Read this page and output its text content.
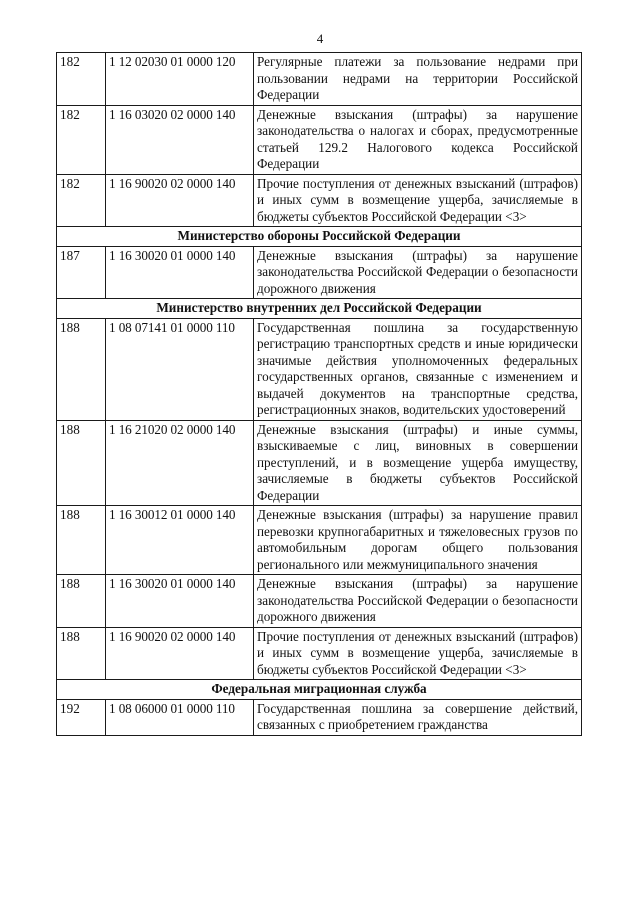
4
182	1 12 02030 01 0000 120	Регулярные платежи за пользование недрами при пользовании недрами на территории Российской Федерации
182	1 16 03020 02 0000 140	Денежные взыскания (штрафы) за нарушение законодательства о налогах и сборах, предусмотренные статьей 129.2 Налогового кодекса Российской Федерации
182	1 16 90020 02 0000 140	Прочие поступления от денежных взысканий (штрафов) и иных сумм в возмещение ущерба, зачисляемые в бюджеты субъектов Российской Федерации <3>
Министерство обороны Российской Федерации		
187	1 16 30020 01 0000 140	Денежные взыскания (штрафы) за нарушение законодательства Российской Федерации о безопасности дорожного движения
Министерство внутренних дел Российской Федерации		
188	1 08 07141 01 0000 110	Государственная пошлина за государственную регистрацию транспортных средств и иные юридически значимые действия уполномоченных федеральных государственных органов, связанные с изменением и выдачей документов на транспортные средства, регистрационных знаков, водительских удостоверений
188	1 16 21020 02 0000 140	Денежные взыскания (штрафы) и иные суммы, взыскиваемые с лиц, виновных в совершении преступлений, и в возмещение ущерба имуществу, зачисляемые в бюджеты субъектов Российской Федерации
188	1 16 30012 01 0000 140	Денежные взыскания (штрафы) за нарушение правил перевозки крупногабаритных и тяжеловесных грузов по автомобильным дорогам общего пользования регионального или межмуниципального значения
188	1 16 30020 01 0000 140	Денежные взыскания (штрафы) за нарушение законодательства Российской Федерации о безопасности дорожного движения
188	1 16 90020 02 0000 140	Прочие поступления от денежных взысканий (штрафов) и иных сумм в возмещение ущерба, зачисляемые в бюджеты субъектов Российской Федерации <3>
Федеральная миграционная служба		
192	1 08 06000 01 0000 110	Государственная пошлина за совершение действий, связанных с приобретением гражданства
